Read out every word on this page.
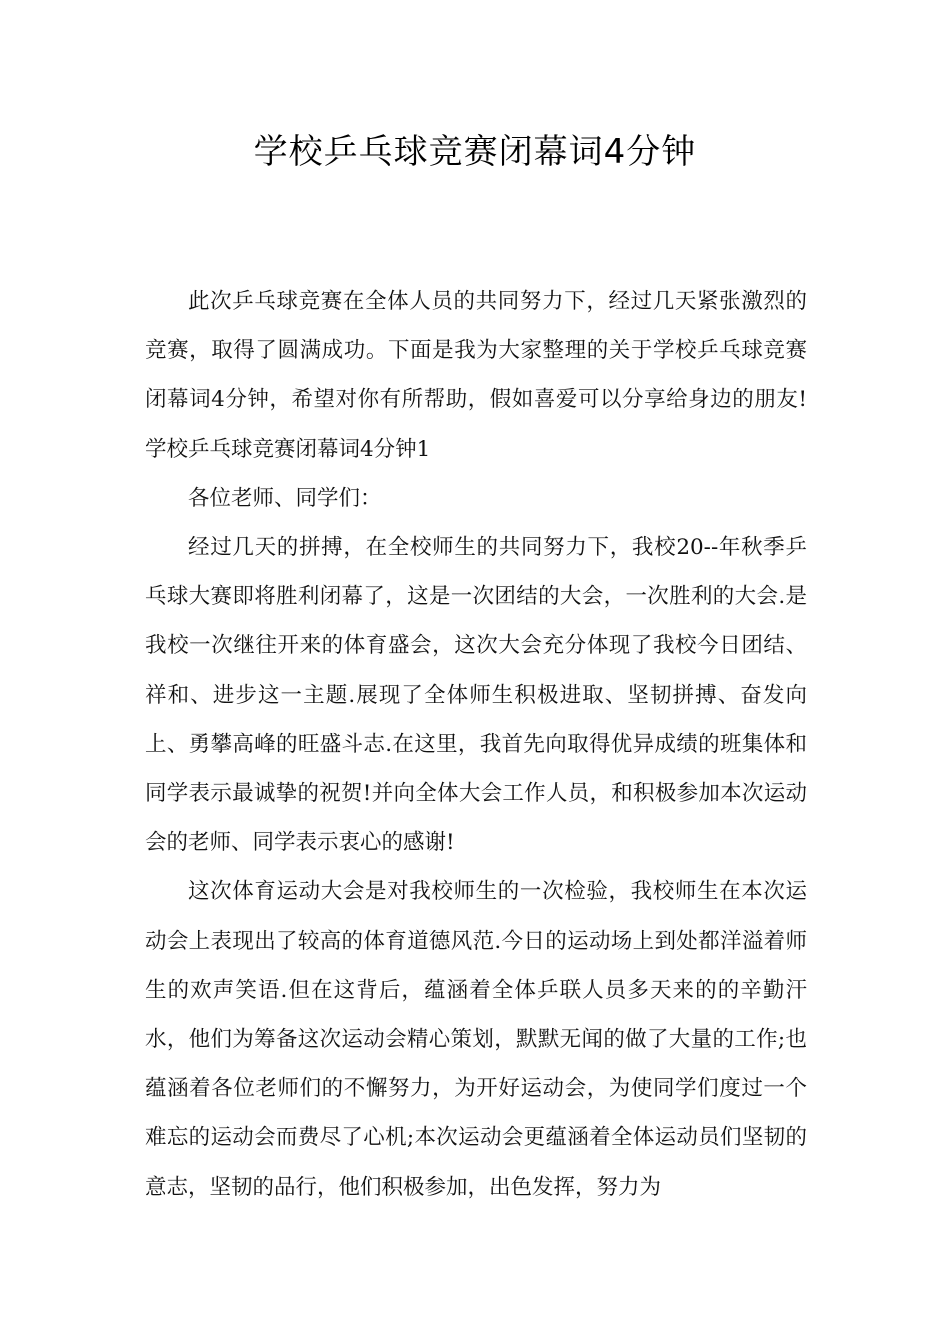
学校乒乓球竞赛闭幕词4分钟

此次乒乓球竞赛在全体人员的共同努力下，经过几天紧张激烈的竞赛，取得了圆满成功。下面是我为大家整理的关于学校乒乓球竞赛闭幕词4分钟，希望对你有所帮助，假如喜爱可以分享给身边的朋友!学校乒乓球竞赛闭幕词4分钟1

各位老师、同学们：

经过几天的拼搏，在全校师生的共同努力下，我校20--年秋季乒乓球大赛即将胜利闭幕了，这是一次团结的大会，一次胜利的大会.是我校一次继往开来的体育盛会，这次大会充分体现了我校今日团结、祥和、进步这一主题.展现了全体师生积极进取、坚韧拼搏、奋发向上、勇攀高峰的旺盛斗志.在这里，我首先向取得优异成绩的班集体和同学表示最诚挚的祝贺!并向全体大会工作人员，和积极参加本次运动会的老师、同学表示衷心的感谢!

这次体育运动大会是对我校师生的一次检验，我校师生在本次运动会上表现出了较高的体育道德风范.今日的运动场上到处都洋溢着师生的欢声笑语.但在这背后，蕴涵着全体乒联人员多天来的的辛勤汗水，他们为筹备这次运动会精心策划，默默无闻的做了大量的工作;也蕴涵着各位老师们的不懈努力，为开好运动会，为使同学们度过一个难忘的运动会而费尽了心机;本次运动会更蕴涵着全体运动员们坚韧的意志，坚韧的品行，他们积极参加，出色发挥，努力为
